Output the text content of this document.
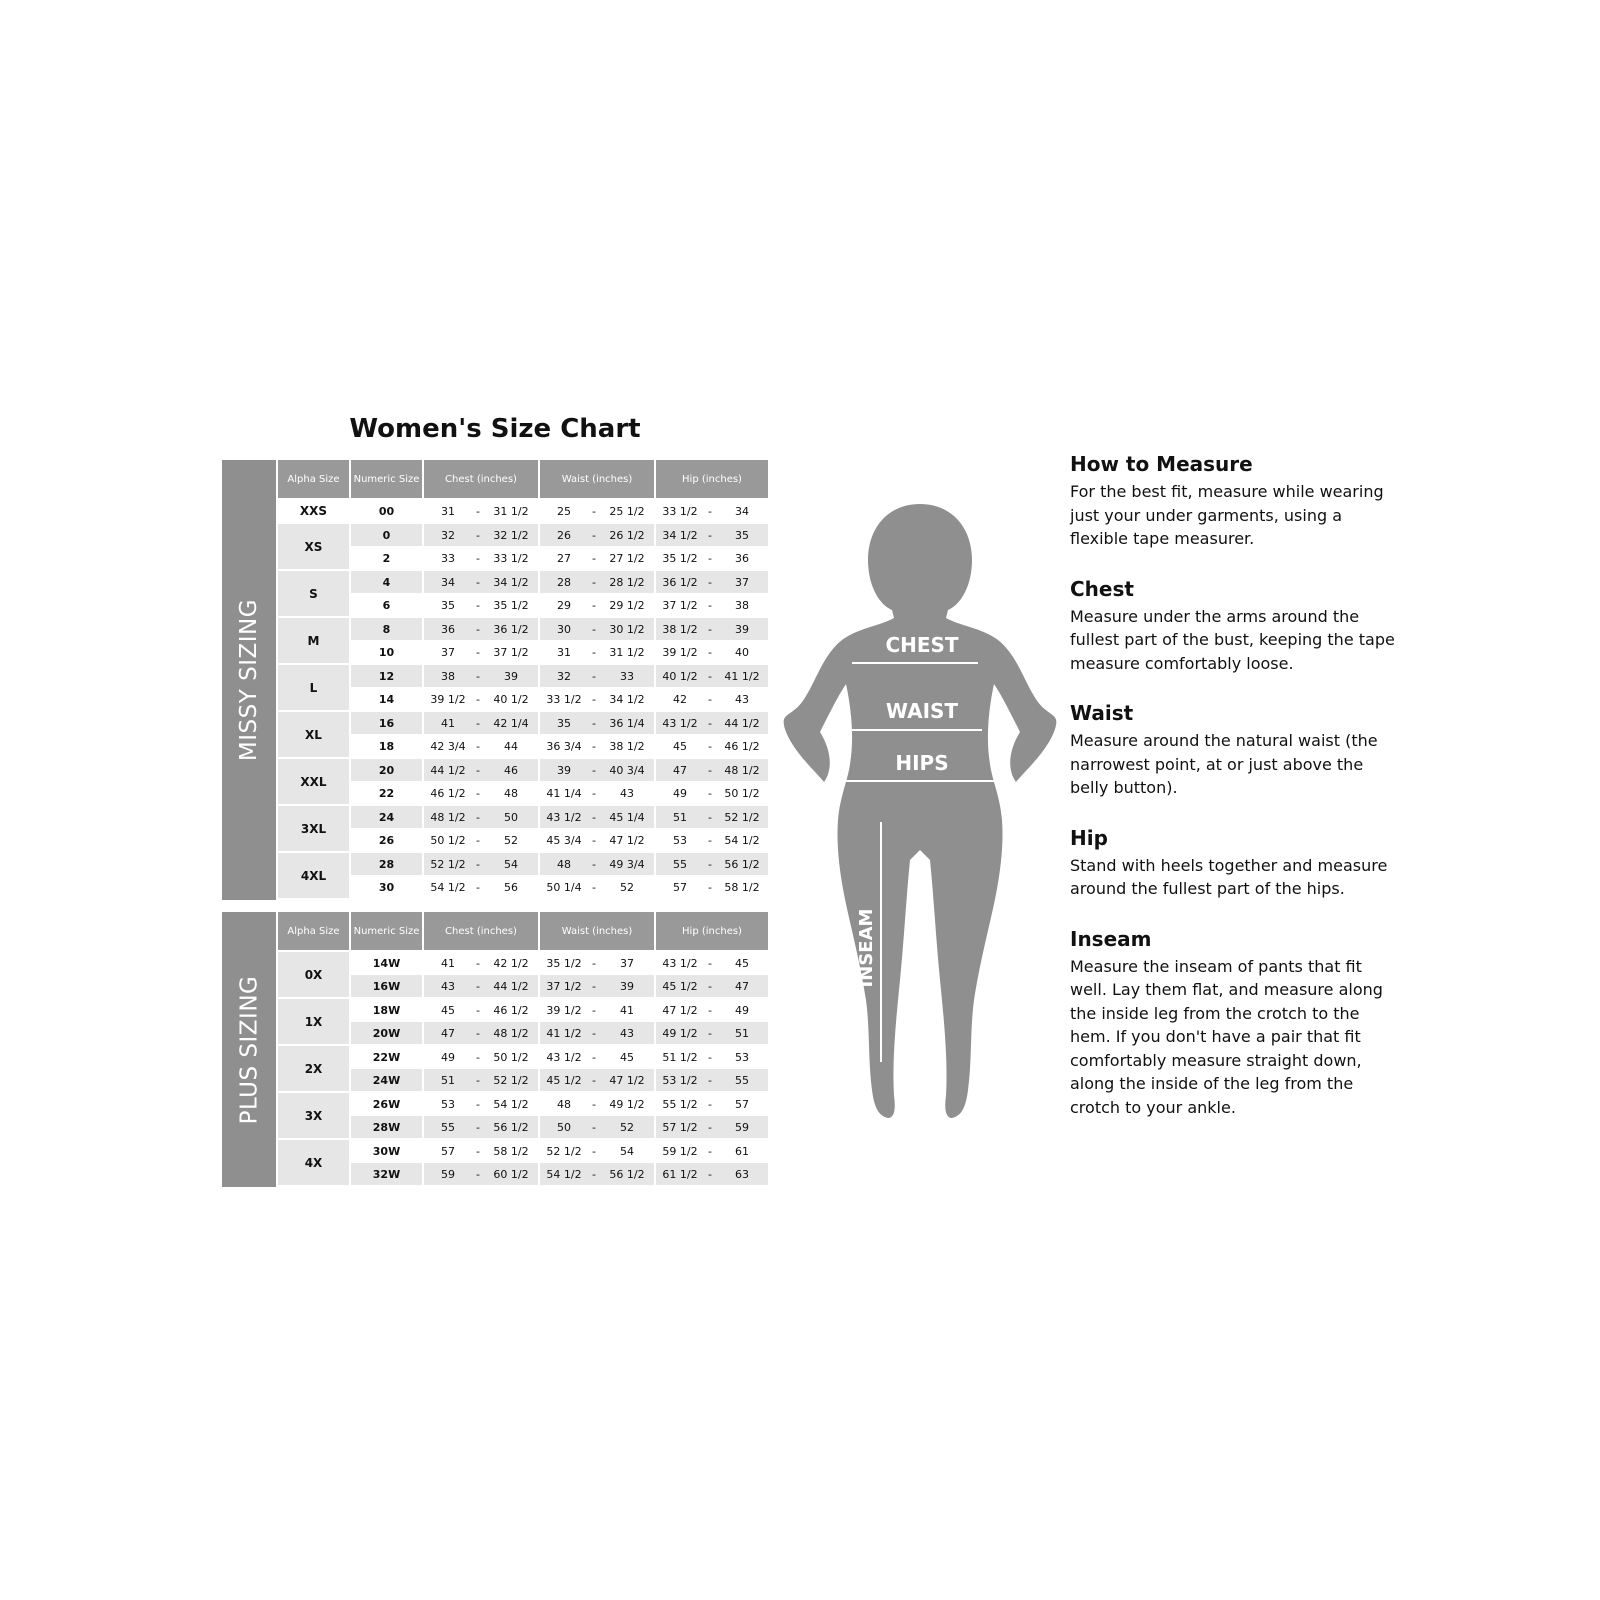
Women's Size Chart
MISSY SIZING
Alpha Size	Numeric Size	Chest (inches)	Waist (inches)	Hip (inches)
XXS	00	31	-	31 1/2	25	-	25 1/2	33 1/2 -	34
XS
0	32	-	32 1/2	26	-	26 1/2	34 1/2 -	35
2	33	-	33 1/2	27	-	27 1/2	35 1/2 -	36
S
4	34	-	34 1/2	28	-	28 1/2	36 1/2 -	37
6	35	-	35 1/2	29	-	29 1/2	37 1/2 -	38
M
8	36	-	36 1/2	30	-	30 1/2	38 1/2 -	39
10	37	-	37 1/2	31	-	31 1/2	39 1/2 -	40
L
12	38	-	39	32	-	33	40 1/2 -	41 1/2
14	39 1/2 -	40 1/2	33 1/2 -	34 1/2	42	-	43
XL
16	41	-	42 1/4	35	-	36 1/4	43 1/2 -	44 1/2
18	42 3/4 -	44	36 3/4 -	38 1/2	45	-	46 1/2
XXL
20	44 1/2 -	46	39	-	40 3/4	47	-	48 1/2
22	46 1/2 -	48	41 1/4 -	43	49	-	50 1/2
3XL
24	48 1/2 -	50	43 1/2 -	45 1/4	51	-	52 1/2
26	50 1/2 -	52	45 3/4 -	47 1/2	53	-	54 1/2
4XL
28	52 1/2 -	54	48	-	49 3/4	55	-	56 1/2
30	54 1/2 -	56	50 1/4 -	52	57	-	58 1/2
PLUS SIZING
Alpha Size	Numeric Size	Chest (inches)	Waist (inches)	Hip (inches)
0X
14W	41	-	42 1/2	35 1/2 -	37	43 1/2 -	45
16W	43	-	44 1/2	37 1/2 -	39	45 1/2 -	47
1X
18W	45	-	46 1/2	39 1/2 -	41	47 1/2 -	49
20W	47	-	48 1/2	41 1/2 -	43	49 1/2 -	51
2X
22W	49	-	50 1/2	43 1/2 -	45	51 1/2 -	53
24W	51	-	52 1/2	45 1/2 -	47 1/2	53 1/2 -	55
3X
26W	53	-	54 1/2	48	-	49 1/2	55 1/2 -	57
28W	55	-	56 1/2	50	-	52	57 1/2 -	59
4X
30W	57	-	58 1/2	52 1/2 -	54	59 1/2 -	61
32W	59	-	60 1/2	54 1/2 -	56 1/2	61 1/2 -	63
CHEST
WAIST
HIPS
INSEAM
How to Measure

For the best fit, measure while wearing just your under garments, using a flexible tape measurer.

Chest

Measure under the arms around the fullest part of the bust, keeping the tape measure comfortably loose.

Waist

Measure around the natural waist (the narrowest point, at or just above the belly button).

Hip

Stand with heels together and measure around the fullest part of the hips.

Inseam

Measure the inseam of pants that fit well. Lay them flat, and measure along the inside leg from the crotch to the hem. If you don't have a pair that fit comfortably measure straight down, along the inside of the leg from the crotch to your ankle.
